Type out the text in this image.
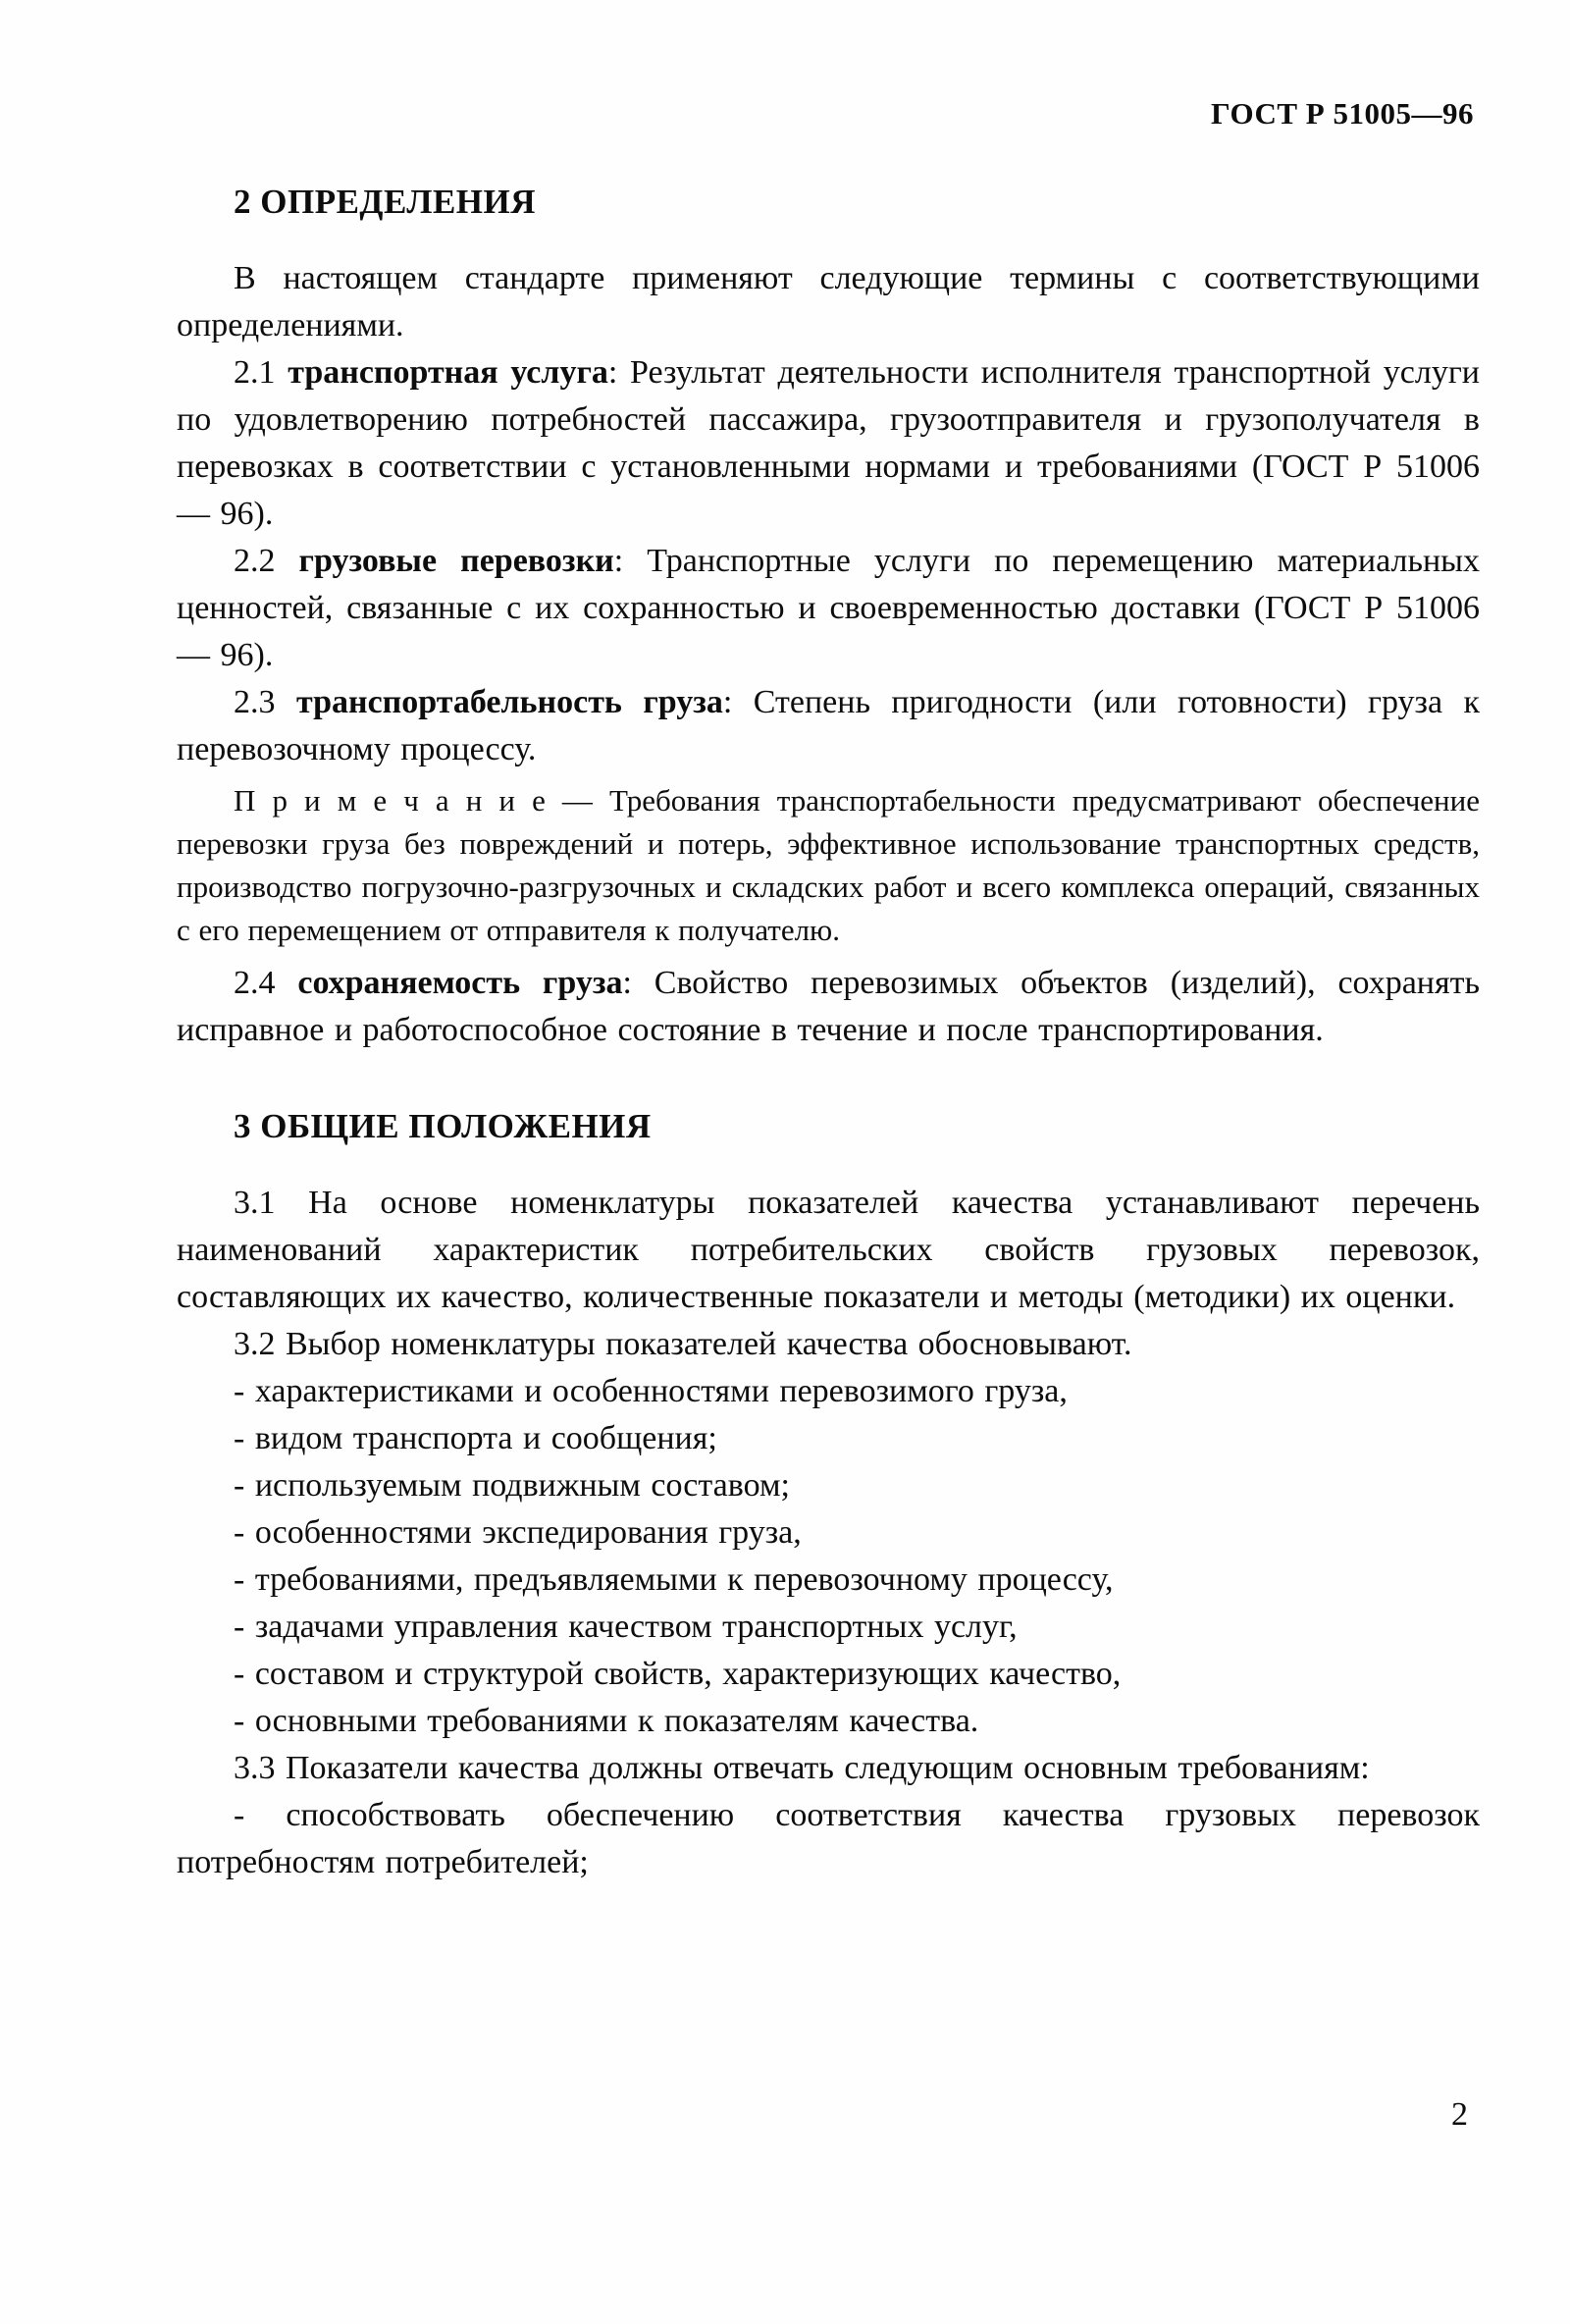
ГОСТ Р 51005—96
2 ОПРЕДЕЛЕНИЯ

В настоящем стандарте применяют следующие термины с соответствующими определениями.

2.1 транспортная услуга: Результат деятельности исполнителя транспортной услуги по удовлетворению потребностей пассажира, грузоотправителя и грузополучателя в перевозках в соответствии с установленными нормами и требованиями (ГОСТ Р 51006 — 96).

2.2 грузовые перевозки: Транспортные услуги по перемещению материальных ценностей, связанные с их сохранностью и своевременностью доставки (ГОСТ Р 51006 — 96).

2.3 транспортабельность груза: Степень пригодности (или готовности) груза к перевозочному процессу.

П р и м е ч а н и е — Требования транспортабельности предусматривают обеспечение перевозки груза без повреждений и потерь, эффективное использование транспортных средств, производство погрузочно-разгрузочных и складских работ и всего комплекса операций, связанных с его перемещением от отправителя к получателю.

2.4 сохраняемость груза: Свойство перевозимых объектов (изделий), сохранять исправное и работоспособное состояние в течение и после транспортирования.

3 ОБЩИЕ ПОЛОЖЕНИЯ

3.1 На основе номенклатуры показателей качества устанавливают перечень наименований характеристик потребительских свойств грузовых перевозок, составляющих их качество, количественные показатели и методы (методики) их оценки.

3.2 Выбор номенклатуры показателей качества обосновывают.

- характеристиками и особенностями перевозимого груза,

- видом транспорта и сообщения;

- используемым подвижным составом;

- особенностями экспедирования груза,

- требованиями, предъявляемыми к перевозочному процессу,

- задачами управления качеством транспортных услуг,

- составом и структурой свойств, характеризующих качество,

- основными требованиями к показателям качества.

3.3 Показатели качества должны отвечать следующим основным требованиям:

- способствовать обеспечению соответствия качества грузовых перевозок потребностям потребителей;

2
